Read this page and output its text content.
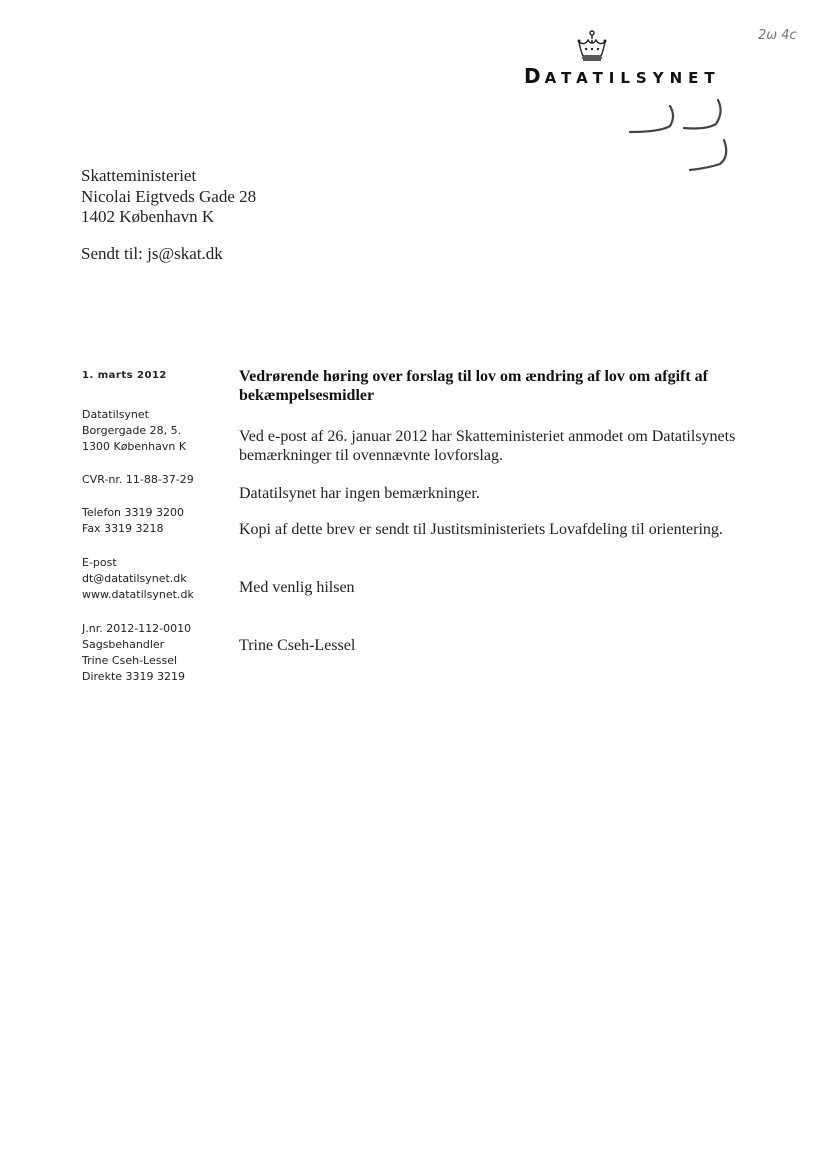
DATATILSYNET
2ω 4c
Skatteministeriet
Nicolai Eigtveds Gade 28
1402 København K
Sendt til: js@skat.dk
1. marts 2012
Datatilsynet
Borgergade 28, 5.
1300 København K
CVR-nr. 11-88-37-29
Telefon 3319 3200
Fax 3319 3218
E-post
dt@datatilsynet.dk
www.datatilsynet.dk
J.nr. 2012-112-0010
Sagsbehandler
Trine Cseh-Lessel
Direkte 3319 3219
Vedrørende høring over forslag til lov om ændring af lov om afgift af bekæmpelsesmidler
Ved e-post af 26. januar 2012 har Skatteministeriet anmodet om Datatilsynets bemærkninger til ovennævnte lovforslag.
Datatilsynet har ingen bemærkninger.
Kopi af dette brev er sendt til Justitsministeriets Lovafdeling til orientering.
Med venlig hilsen
Trine Cseh-Lessel
